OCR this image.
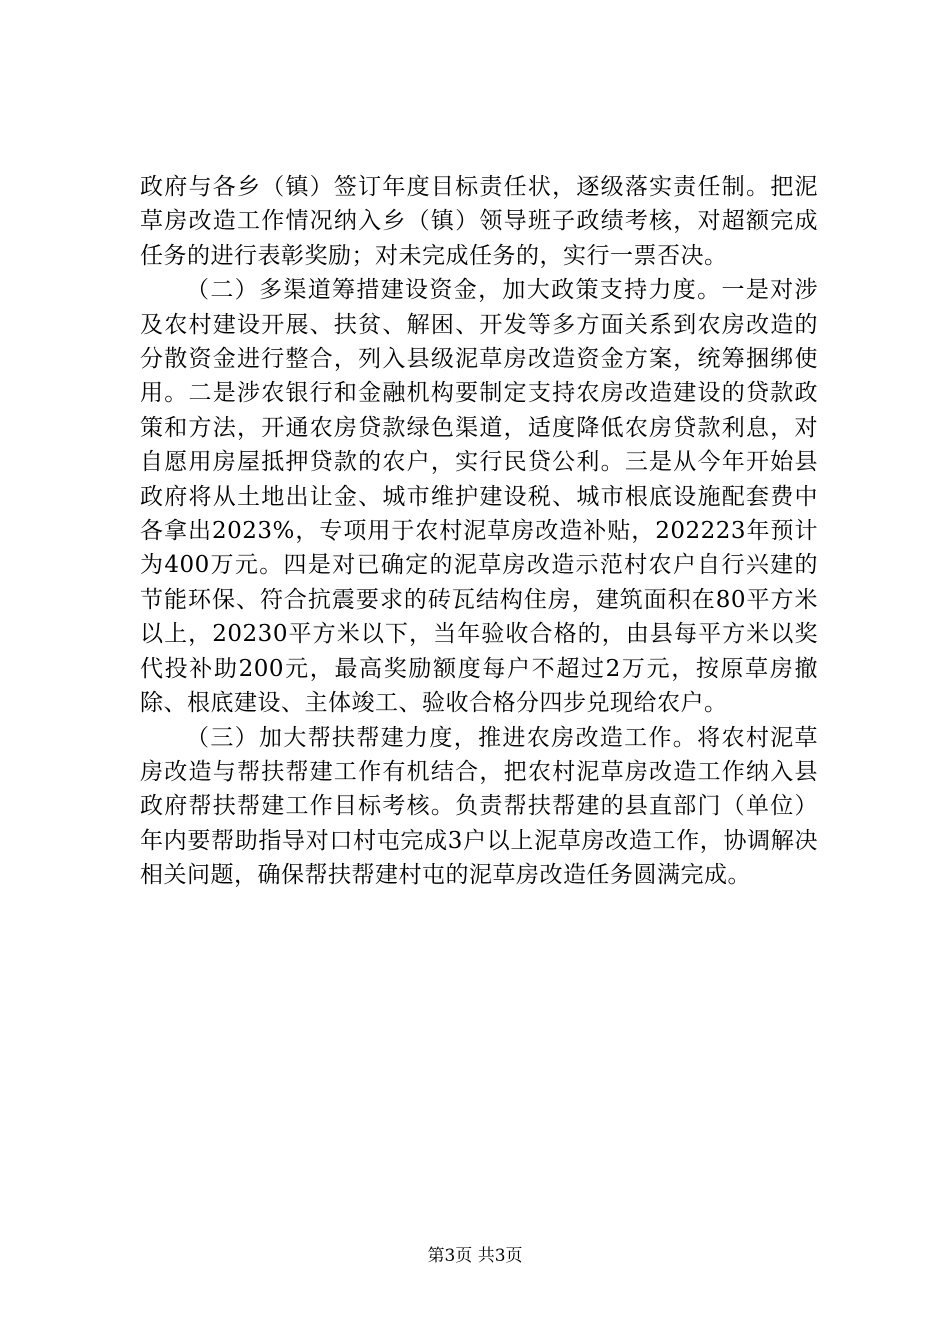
政府与各乡（镇）签订年度目标责任状，逐级落实责任制。把泥草房改造工作情况纳入乡（镇）领导班子政绩考核，对超额完成任务的进行表彰奖励；对未完成任务的，实行一票否决。

（二）多渠道筹措建设资金，加大政策支持力度。一是对涉及农村建设开展、扶贫、解困、开发等多方面关系到农房改造的分散资金进行整合，列入县级泥草房改造资金方案，统筹捆绑使用。二是涉农银行和金融机构要制定支持农房改造建设的贷款政策和方法，开通农房贷款绿色渠道，适度降低农房贷款利息，对自愿用房屋抵押贷款的农户，实行民贷公利。三是从今年开始县政府将从土地出让金、城市维护建设税、城市根底设施配套费中各拿出2023%，专项用于农村泥草房改造补贴，202223年预计为400万元。四是对已确定的泥草房改造示范村农户自行兴建的节能环保、符合抗震要求的砖瓦结构住房，建筑面积在80平方米以上，20230平方米以下，当年验收合格的，由县每平方米以奖代投补助200元，最高奖励额度每户不超过2万元，按原草房撤除、根底建设、主体竣工、验收合格分四步兑现给农户。

（三）加大帮扶帮建力度，推进农房改造工作。将农村泥草房改造与帮扶帮建工作有机结合，把农村泥草房改造工作纳入县政府帮扶帮建工作目标考核。负责帮扶帮建的县直部门（单位）年内要帮助指导对口村屯完成3户以上泥草房改造工作，协调解决相关问题，确保帮扶帮建村屯的泥草房改造任务圆满完成。

第3页 共3页
